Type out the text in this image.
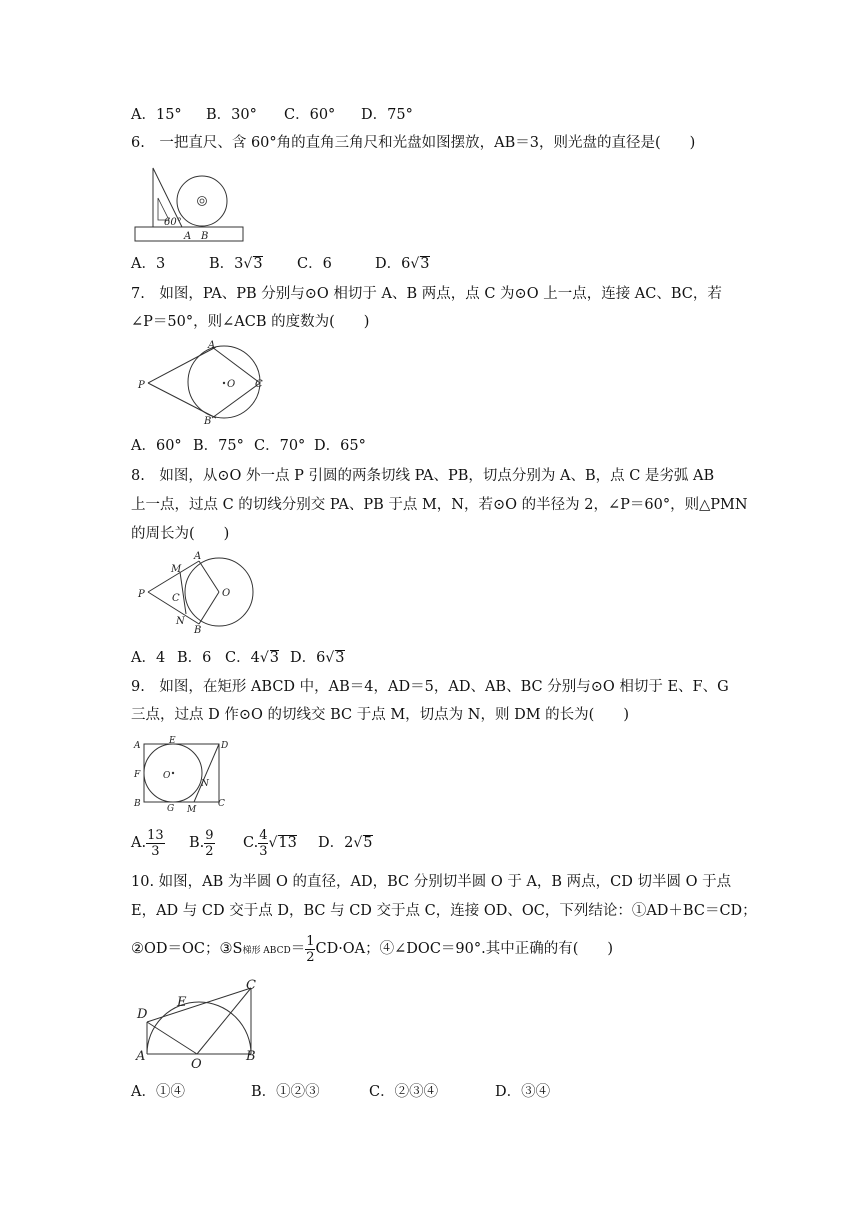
A．15° B．30° C．60° D．75°
6.　一把直尺、含 60°角的直角三角尺和光盘如图摆放，AB＝3，则光盘的直径是(　　)
60°
A B
A．3	B．3√3 C．6	D．6√3
7.　如图，PA、PB 分别与⊙O 相切于 A、B 两点，点 C 为⊙O 上一点，连接 AC、BC，若
∠P＝50°，则∠ACB 的度数为(　　)
P
A
B
C
O
A．60° B．75° C．70° D．65°
8.　如图，从⊙O 外一点 P 引圆的两条切线 PA、PB，切点分别为 A、B，点 C 是劣弧 AB
上一点，过点 C 的切线分别交 PA、PB 于点 M，N，若⊙O 的半径为 2，∠P＝60°，则△PMN
的周长为(　　)
P
A
M
C
N
B
O
A．4 B．6 C．4√3 D．6√3
9.　如图，在矩形 ABCD 中，AB＝4，AD＝5，AD、AB、BC 分别与⊙O 相切于 E、F、G
三点，过点 D 作⊙O 的切线交 BC 于点 M，切点为 N，则 DM 的长为(　　)
A	E	D
F	O
N
B	G M
C
A. $\frac{13}{3} B$. $\frac{9}{2} C$. $\frac{4}{3} √13$ D．2√5
10. 如图，AB 为半圆 O 的直径，AD，BC 分别切半圆 O 于 A，B 两点，CD 切半圆 O 于点
E，AD 与 CD 交于点 D，BC 与 CD 交于点 C，连接 OD、OC，下列结论：①AD＋BC＝CD；
②OD＝OC；③S梯形 ABCD＝ $\frac{1}{2} CD\cdot OA$；④∠DOC＝90°.其中正确的有(　　)
D
E
C
A
O
B
A．①④	B．①②③	C．②③④	D．③④
